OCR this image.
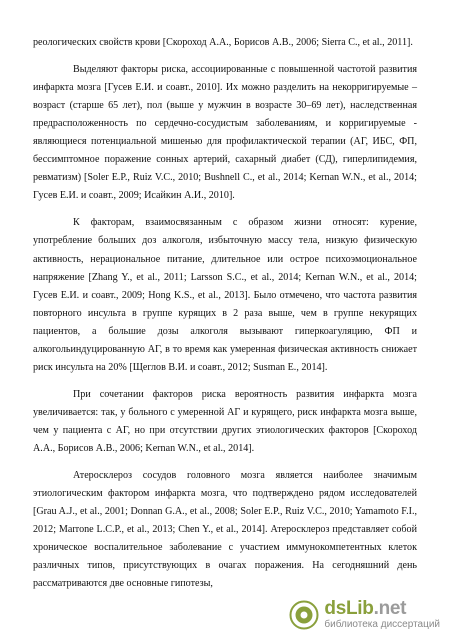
реологических свойств крови [Скороход А.А., Борисов А.В., 2006; Sierra C., et al., 2011].

Выделяют факторы риска, ассоциированные с повышенной частотой развития инфаркта мозга [Гусев Е.И. и соавт., 2010]. Их можно разделить на некорригируемые – возраст (старше 65 лет), пол (выше у мужчин в возрасте 30–69 лет), наследственная предрасположенность по сердечно-сосудистым заболеваниям, и корригируемые - являющиеся потенциальной мишенью для профилактической терапии (АГ, ИБС, ФП, бессимптомное поражение сонных артерий, сахарный диабет (СД), гиперлипидемия, ревматизм) [Soler E.P., Ruiz V.C., 2010; Bushnell C., et al., 2014; Kernan W.N., et al., 2014; Гусев Е.И. и соавт., 2009; Исайкин А.И., 2010].

К факторам, взаимосвязанным с образом жизни относят: курение, употребление больших доз алкоголя, избыточную массу тела, низкую физическую активность, нерациональное питание, длительное или острое психоэмоциональное напряжение [Zhang Y., et al., 2011; Larsson S.C., et al., 2014; Kernan W.N., et al., 2014; Гусев Е.И. и соавт., 2009; Hong K.S., et al., 2013]. Было отмечено, что частота развития повторного инсульта в группе курящих в 2 раза выше, чем в группе некурящих пациентов, а большие дозы алкоголя вызывают гиперкоагуляцию, ФП и алкогольиндуцированную АГ, в то время как умеренная физическая активность снижает риск инсульта на 20% [Щеглов В.И. и соавт., 2012; Susman E., 2014].

При сочетании факторов риска вероятность развития инфаркта мозга увеличивается: так, у больного с умеренной АГ и курящего, риск инфаркта мозга выше, чем у пациента с АГ, но при отсутствии других этиологических факторов [Скороход А.А., Борисов А.В., 2006; Kernan W.N., et al., 2014].

Атеросклероз сосудов головного мозга является наиболее значимым этиологическим фактором инфаркта мозга, что подтверждено рядом исследователей [Grau A.J., et al., 2001; Donnan G.A., et al., 2008; Soler E.P., Ruiz V.C., 2010; Yamamoto F.I., 2012; Marrone L.C.P., et al., 2013; Chen Y., et al., 2014]. Атеросклероз представляет собой хроническое воспалительное заболевание с участием иммунокомпетентных клеток различных типов, присутствующих в очагах поражения. На сегодняшний день рассматриваются две основные гипотезы,

dsLib.net
библиотека диссертаций
